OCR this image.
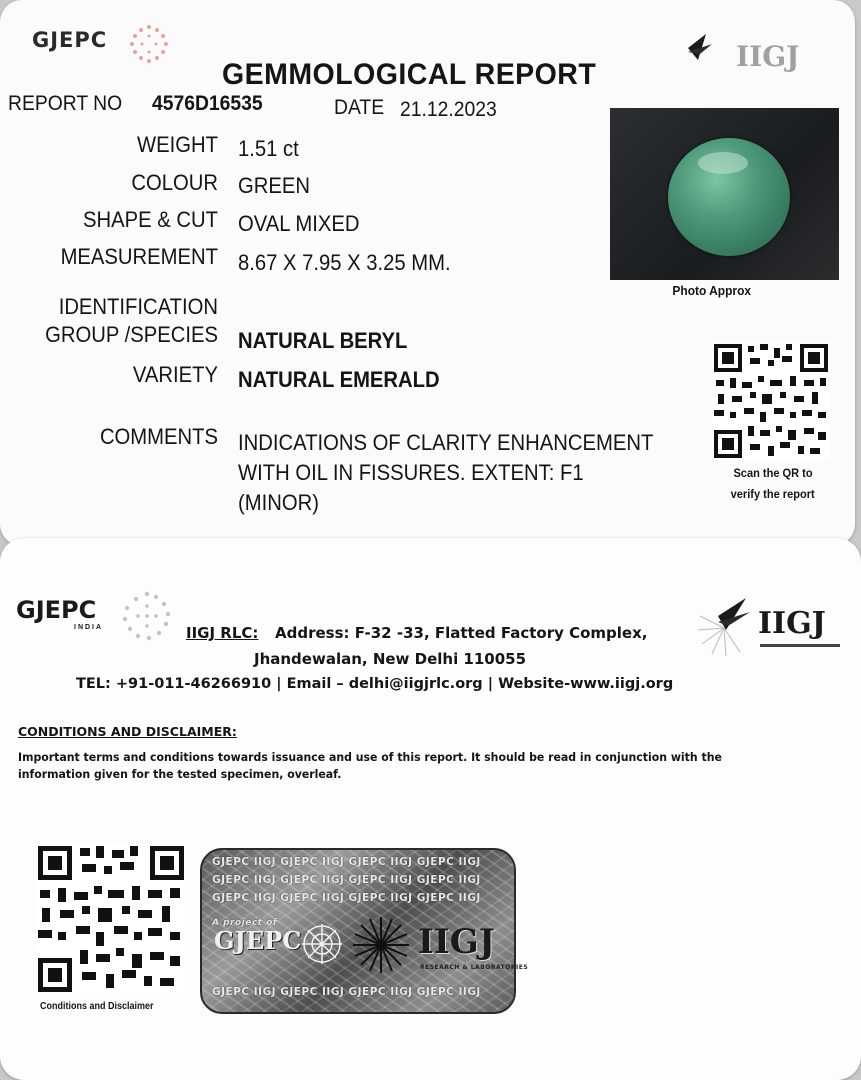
GJEPC	IIGJ
GEMMOLOGICAL REPORT
REPORT NO 4576D16535	DATE 21.12.2023
WEIGHT 1.51 ct
COLOUR GREEN
SHAPE & CUT OVAL MIXED
MEASUREMENT 8.67 X 7.95 X 3.25 MM.
IDENTIFICATION
GROUP /SPECIES NATURAL BERYL
VARIETY NATURAL EMERALD
COMMENTS INDICATIONS OF CLARITY ENHANCEMENT
WITH OIL IN FISSURES. EXTENT: F1
(MINOR)
Photo Approx
Scan the QR to
verify the report
GJEPC
INDIA	IIGJ
IIGJ RLC: Address: F-32 -33, Flatted Factory Complex,
Jhandewalan, New Delhi 110055
TEL: +91-011-46266910 | Email – delhi@iigjrlc.org | Website-www.iigj.org
CONDITIONS AND DISCLAIMER:
Important terms and conditions towards issuance and use of this report. It should be read in conjunction with the information given for the tested specimen, overleaf.
Conditions and Disclaimer
GJEPC IIGJ GJEPC IIGJ GJEPC IIGJ GJEPC IIGJ
GJEPC IIGJ GJEPC IIGJ GJEPC IIGJ GJEPC IIGJ
GJEPC IIGJ GJEPC IIGJ GJEPC IIGJ GJEPC IIGJ
A project of
GJEPC	IIGJ
RESEARCH & LABORATORIES
GJEPC IIGJ GJEPC IIGJ GJEPC IIGJ GJEPC IIGJ
